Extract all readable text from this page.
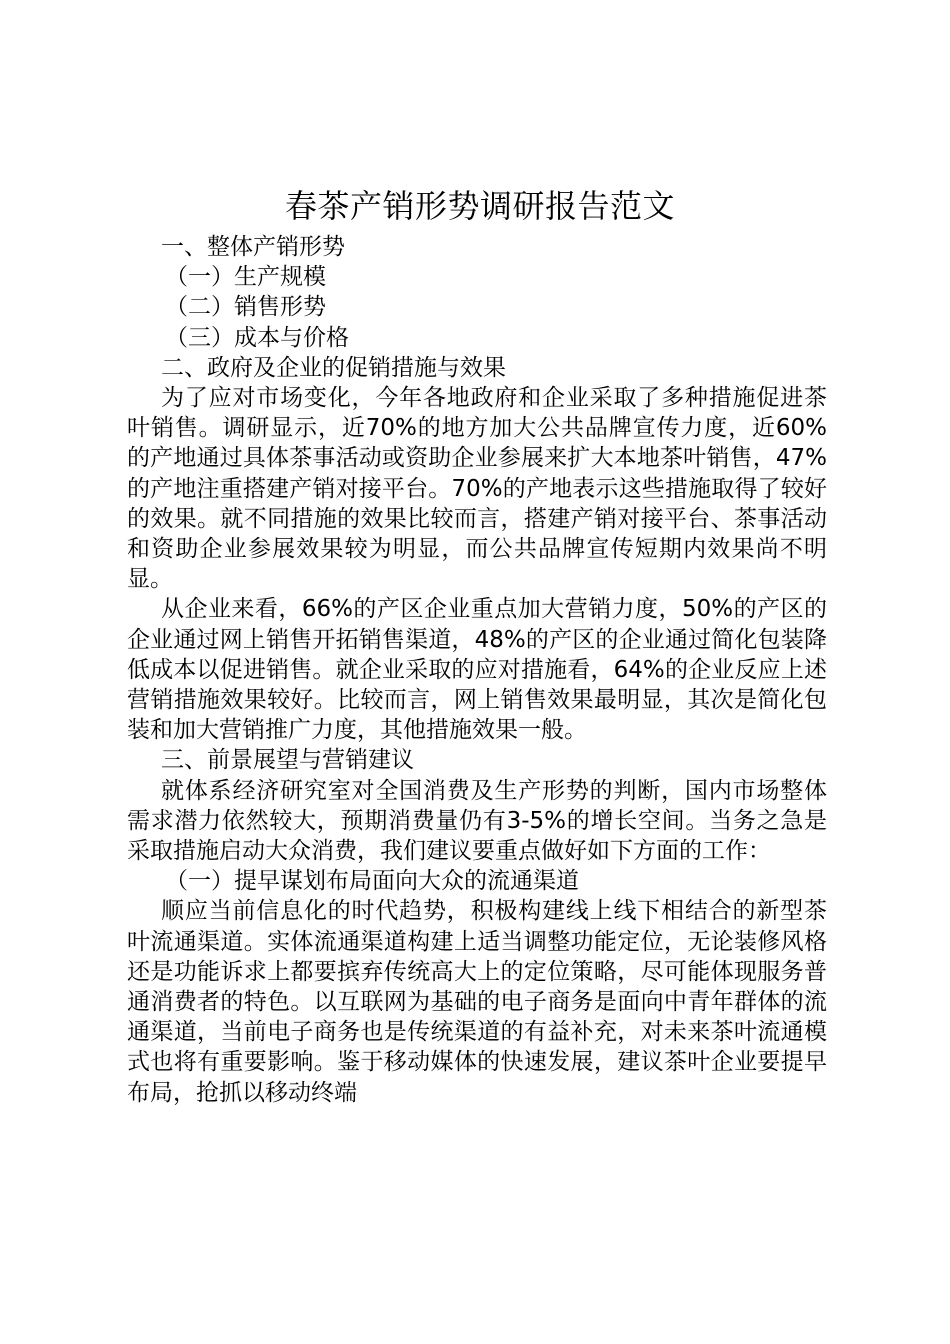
春茶产销形势调研报告范文

一、整体产销形势

（一）生产规模

（二）销售形势

（三）成本与价格

二、政府及企业的促销措施与效果

为了应对市场变化，今年各地政府和企业采取了多种措施促进茶叶销售。调研显示，近70%的地方加大公共品牌宣传力度，近60%的产地通过具体茶事活动或资助企业参展来扩大本地茶叶销售，47%的产地注重搭建产销对接平台。70%的产地表示这些措施取得了较好的效果。就不同措施的效果比较而言，搭建产销对接平台、茶事活动和资助企业参展效果较为明显，而公共品牌宣传短期内效果尚不明显。

从企业来看，66%的产区企业重点加大营销力度，50%的产区的企业通过网上销售开拓销售渠道，48%的产区的企业通过简化包装降低成本以促进销售。就企业采取的应对措施看，64%的企业反应上述营销措施效果较好。比较而言，网上销售效果最明显，其次是简化包装和加大营销推广力度，其他措施效果一般。

三、前景展望与营销建议

就体系经济研究室对全国消费及生产形势的判断，国内市场整体需求潜力依然较大，预期消费量仍有3-5%的增长空间。当务之急是采取措施启动大众消费，我们建议要重点做好如下方面的工作：

（一）提早谋划布局面向大众的流通渠道

顺应当前信息化的时代趋势，积极构建线上线下相结合的新型茶叶流通渠道。实体流通渠道构建上适当调整功能定位，无论装修风格还是功能诉求上都要摈弃传统高大上的定位策略，尽可能体现服务普通消费者的特色。以互联网为基础的电子商务是面向中青年群体的流通渠道，当前电子商务也是传统渠道的有益补充，对未来茶叶流通模式也将有重要影响。鉴于移动媒体的快速发展，建议茶叶企业要提早布局，抢抓以移动终端
